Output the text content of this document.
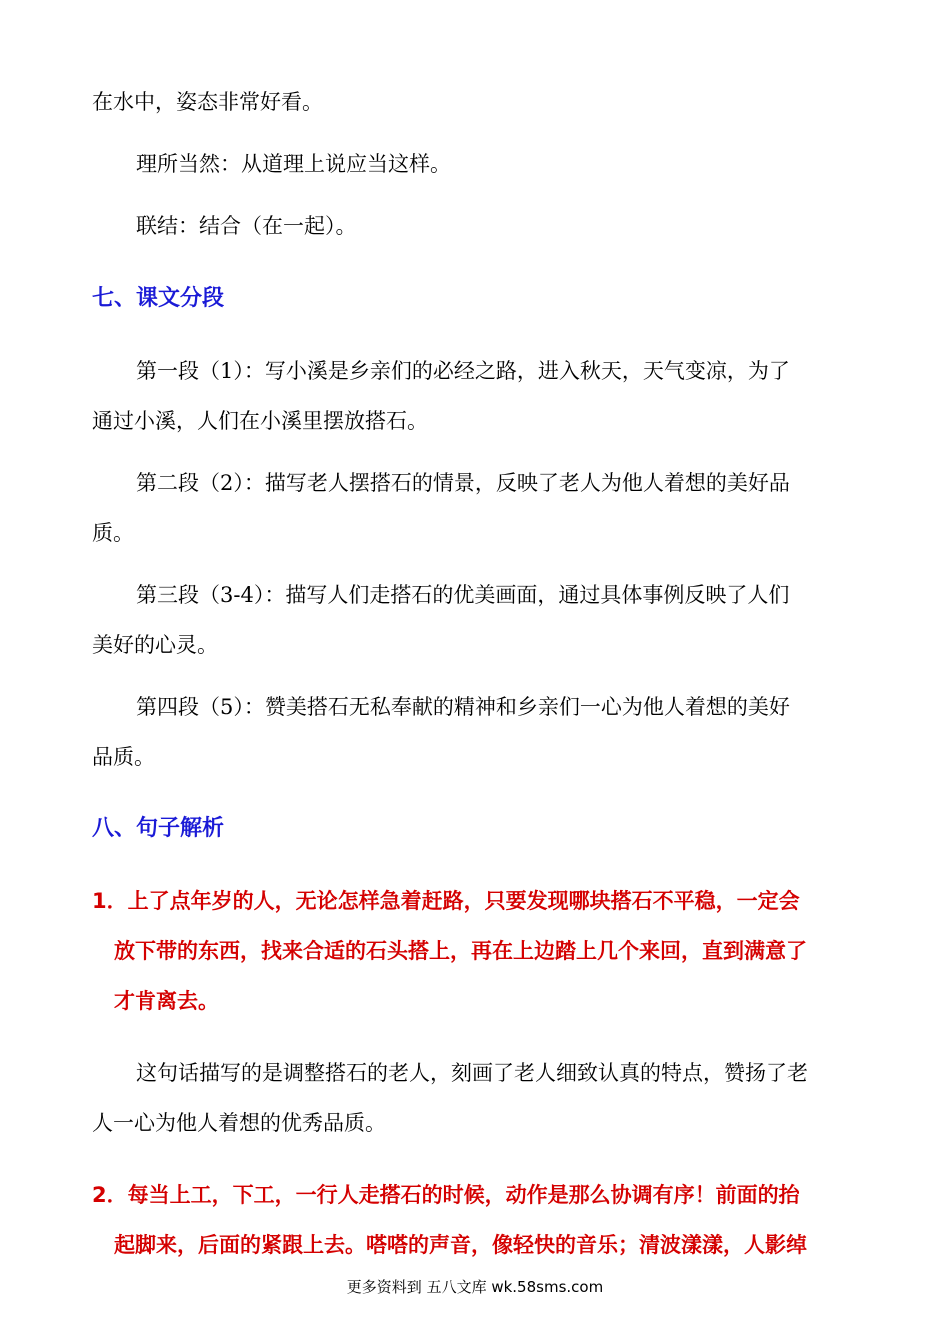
在水中，姿态非常好看。
理所当然：从道理上说应当这样。
联结：结合（在一起）。
七、课文分段
第一段（1）：写小溪是乡亲们的必经之路，进入秋天，天气变凉，为了
通过小溪，人们在小溪里摆放搭石。
第二段（2）：描写老人摆搭石的情景，反映了老人为他人着想的美好品
质。
第三段（3-4）：描写人们走搭石的优美画面，通过具体事例反映了人们
美好的心灵。
第四段（5）：赞美搭石无私奉献的精神和乡亲们一心为他人着想的美好
品质。
八、句子解析
1．上了点年岁的人，无论怎样急着赶路，只要发现哪块搭石不平稳，一定会
放下带的东西，找来合适的石头搭上，再在上边踏上几个来回，直到满意了
才肯离去。
这句话描写的是调整搭石的老人，刻画了老人细致认真的特点，赞扬了老
人一心为他人着想的优秀品质。
2．每当上工，下工，一行人走搭石的时候，动作是那么协调有序！前面的抬
起脚来，后面的紧跟上去。嗒嗒的声音，像轻快的音乐；清波漾漾，人影绰
更多资料到 五八文库 wk.58sms.com
